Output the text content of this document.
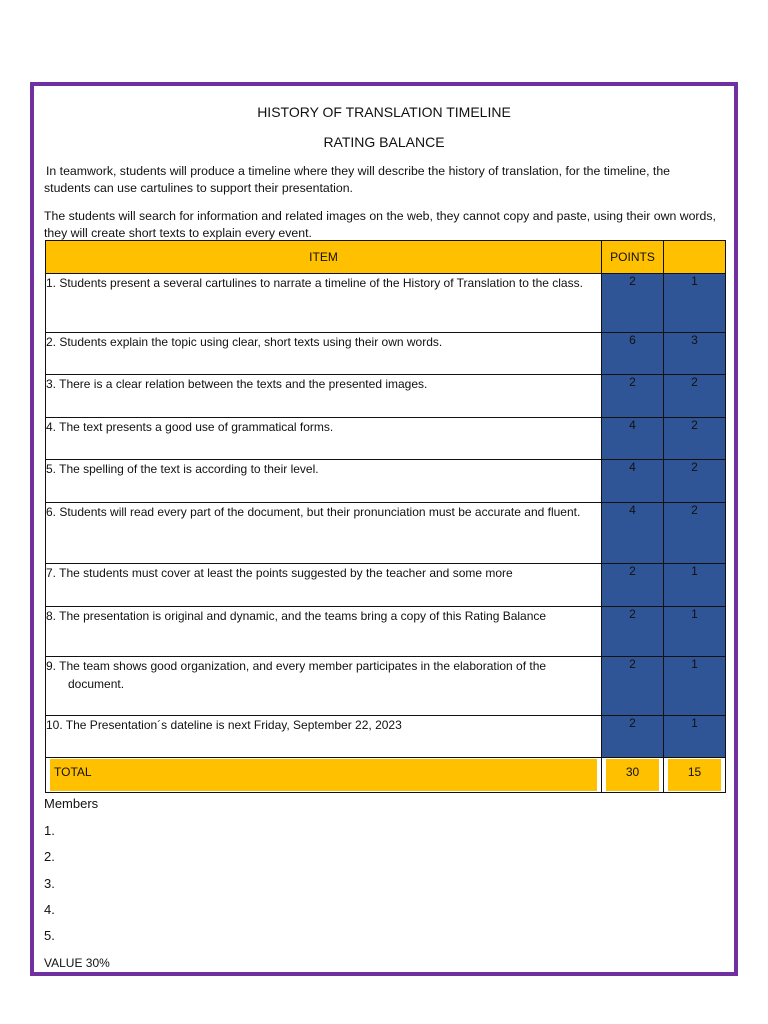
HISTORY OF TRANSLATION TIMELINE
RATING BALANCE
In teamwork, students will produce a timeline where they will describe the history of translation, for the timeline, the students can use cartulines to support their presentation.
The students will search for information and related images on the web, they cannot copy and paste, using their own words, they will create short texts to explain every event.
ITEM	POINTS	

1. Students present a several cartulines to narrate a timeline of the History of Translation to the class.	2	1

2. Students explain the topic using clear, short texts using their own words.	6	3

3. There is a clear relation between the texts and the presented images.	2	2

4. The text presents a good use of grammatical forms.	4	2

5. The spelling of the text is according to their level.	4	2

6. Students will read every part of the document, but their pronunciation must be accurate and fluent.	4	2

7. The students must cover at least the points suggested by the teacher and some more	2	1

8. The presentation is original and dynamic, and the teams bring a copy of this Rating Balance	2	1

9. The team shows good organization, and every member participates in the elaboration of the document.	2	1

10. The Presentation´s dateline is next Friday, September 22, 2023	2	1

TOTAL	30	15
Members
1.
2.
3.
4.
5.
VALUE 30%
